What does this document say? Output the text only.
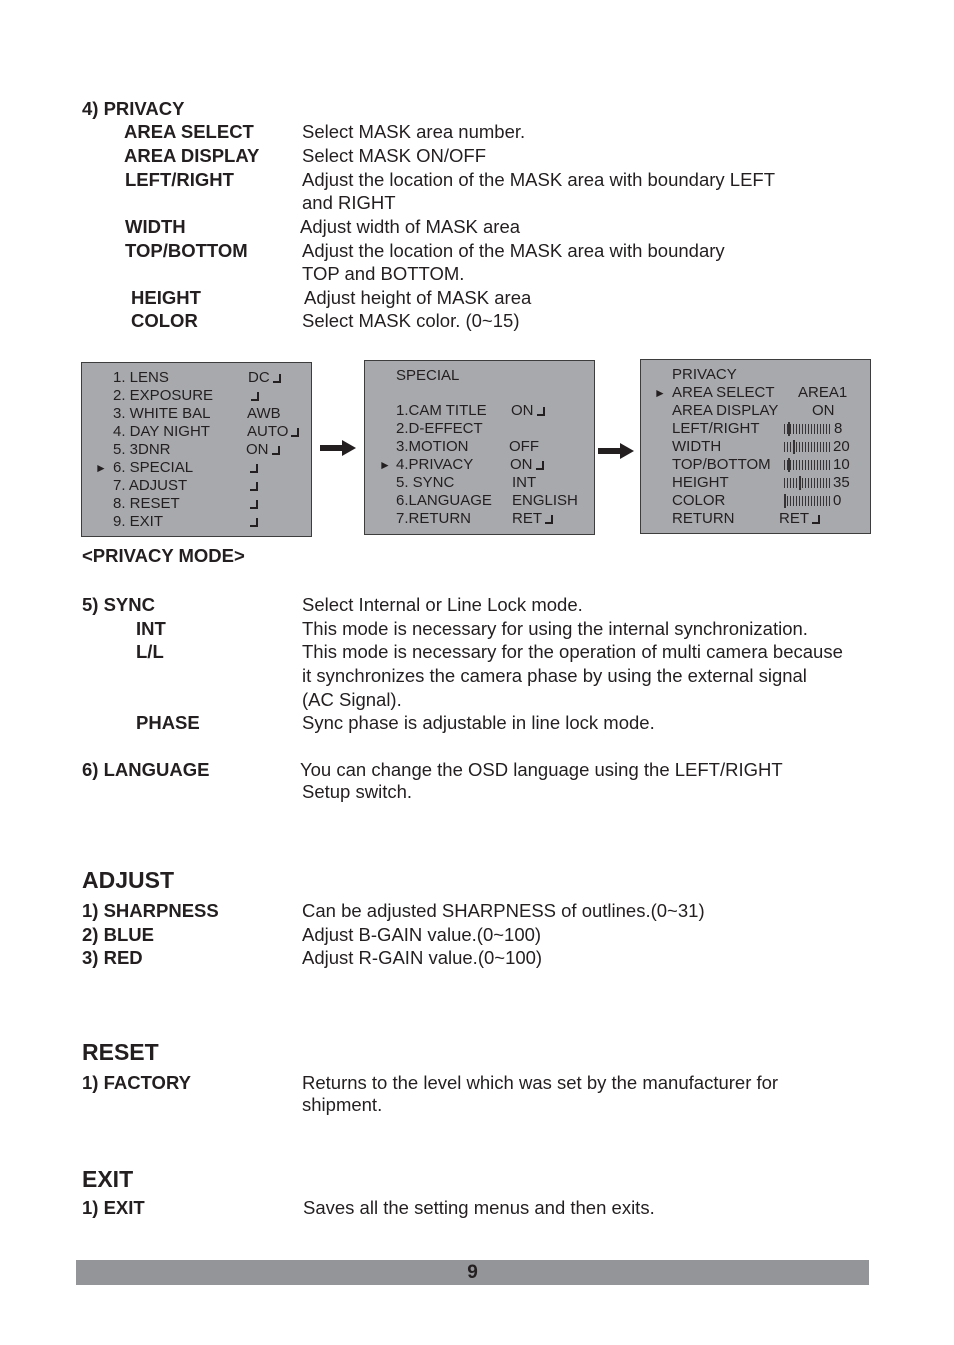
4) PRIVACY
AREA SELECT	Select MASK area number.
AREA DISPLAY Select MASK ON/OFF
LEFT/RIGHT	Adjust the location of the MASK area with boundary LEFT
and RIGHT
WIDTH	Adjust width of MASK area
TOP/BOTTOM	Adjust the location of the MASK area with boundary
TOP and BOTTOM.
HEIGHT	Adjust height of MASK area
COLOR	Select MASK color. (0~15)
1. LENS	DC
2. EXPOSURE
3. WHITE BAL AWB
4. DAY NIGHT AUTO
5. 3DNR	ON
► 6. SPECIAL
7. ADJUST
8. RESET
9. EXIT
SPECIAL
1.CAM TITLE ON
2.D-EFFECT
3.MOTION	OFF
► 4.PRIVACY ON
5. SYNC	INT
6.LANGUAGE ENGLISH
7.RETURN	RET
PRIVACY
► AREA SELECT AREA1
AREA DISPLAY ON
LEFT/RIGHT	8
WIDTH	20
TOP/BOTTOM	10
HEIGHT	35
COLOR	0
RETURN	RET
<PRIVACY MODE>
5) SYNC	Select Internal or Line Lock mode.
INT	This mode is necessary for using the internal synchronization.
L/L	This mode is necessary for the operation of multi camera because
it synchronizes the camera phase by using the external signal
(AC Signal).
PHASE	Sync phase is adjustable in line lock mode.
6) LANGUAGE	You can change the OSD language using the LEFT/RIGHT
Setup switch.
ADJUST
1) SHARPNESS	Can be adjusted SHARPNESS of outlines.(0~31)
2) BLUE	Adjust B-GAIN value.(0~100)
3) RED	Adjust R-GAIN value.(0~100)
RESET
1) FACTORY	Returns to the level which was set by the manufacturer for
shipment.
EXIT
1) EXIT	Saves all the setting menus and then exits.
9
